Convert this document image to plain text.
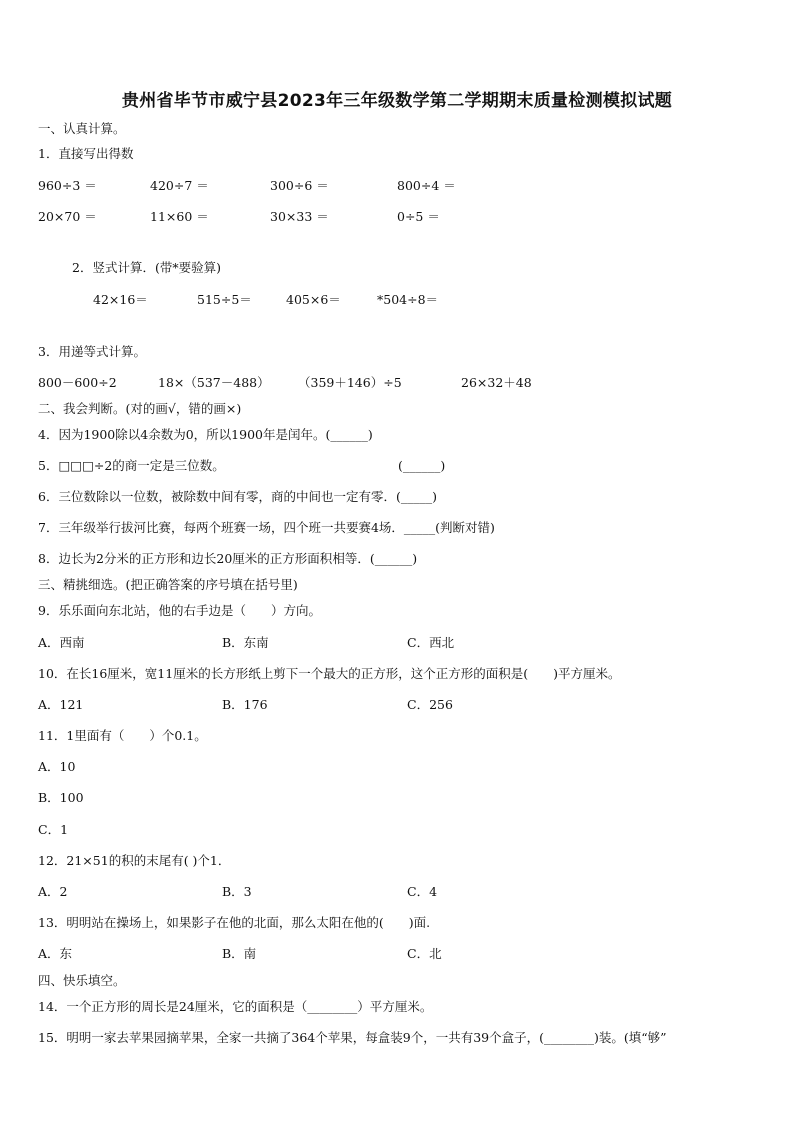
贵州省毕节市威宁县2023年三年级数学第二学期期末质量检测模拟试题
一、认真计算。
1．直接写出得数
960÷3 ＝	420÷7 ＝	300÷6 ＝	800÷4 ＝
20×70 ＝	11×60 ＝	30×33 ＝	0÷5 ＝
2．竖式计算．(带*要验算)
42×16＝	515÷5＝	405×6＝	*504÷8＝
3．用递等式计算。
800－600÷2	18×（537－488） （359＋146）÷5	26×32＋48
二、我会判断。(对的画√，错的画×)
4．因为1900除以4余数为0，所以1900年是闰年。(______)
5．□□□÷2的商一定是三位数。	(______)
6．三位数除以一位数，被除数中间有零，商的中间也一定有零．(_____)
7．三年级举行拔河比赛，每两个班赛一场，四个班一共要赛4场．_____(判断对错)
8．边长为2分米的正方形和边长20厘米的正方形面积相等．(______)
三、精挑细选。(把正确答案的序号填在括号里)
9．乐乐面向东北站，他的右手边是（　　）方向。
A．西南	B．东南	C．西北
10．在长16厘米，宽11厘米的长方形纸上剪下一个最大的正方形，这个正方形的面积是(　　)平方厘米。
A．121	B．176	C．256
11．1里面有（　　）个0.1。
A．10
B．100
C．1
12．21×51的积的末尾有( )个1．
A．2	B．3	C．4
13．明明站在操场上，如果影子在他的北面，那么太阳在他的(　　)面.
A．东	B．南	C．北
四、快乐填空。
14．一个正方形的周长是24厘米，它的面积是（________）平方厘米。
15．明明一家去苹果园摘苹果，全家一共摘了364个苹果，每盒装9个，一共有39个盒子，(________)装。(填“够”
